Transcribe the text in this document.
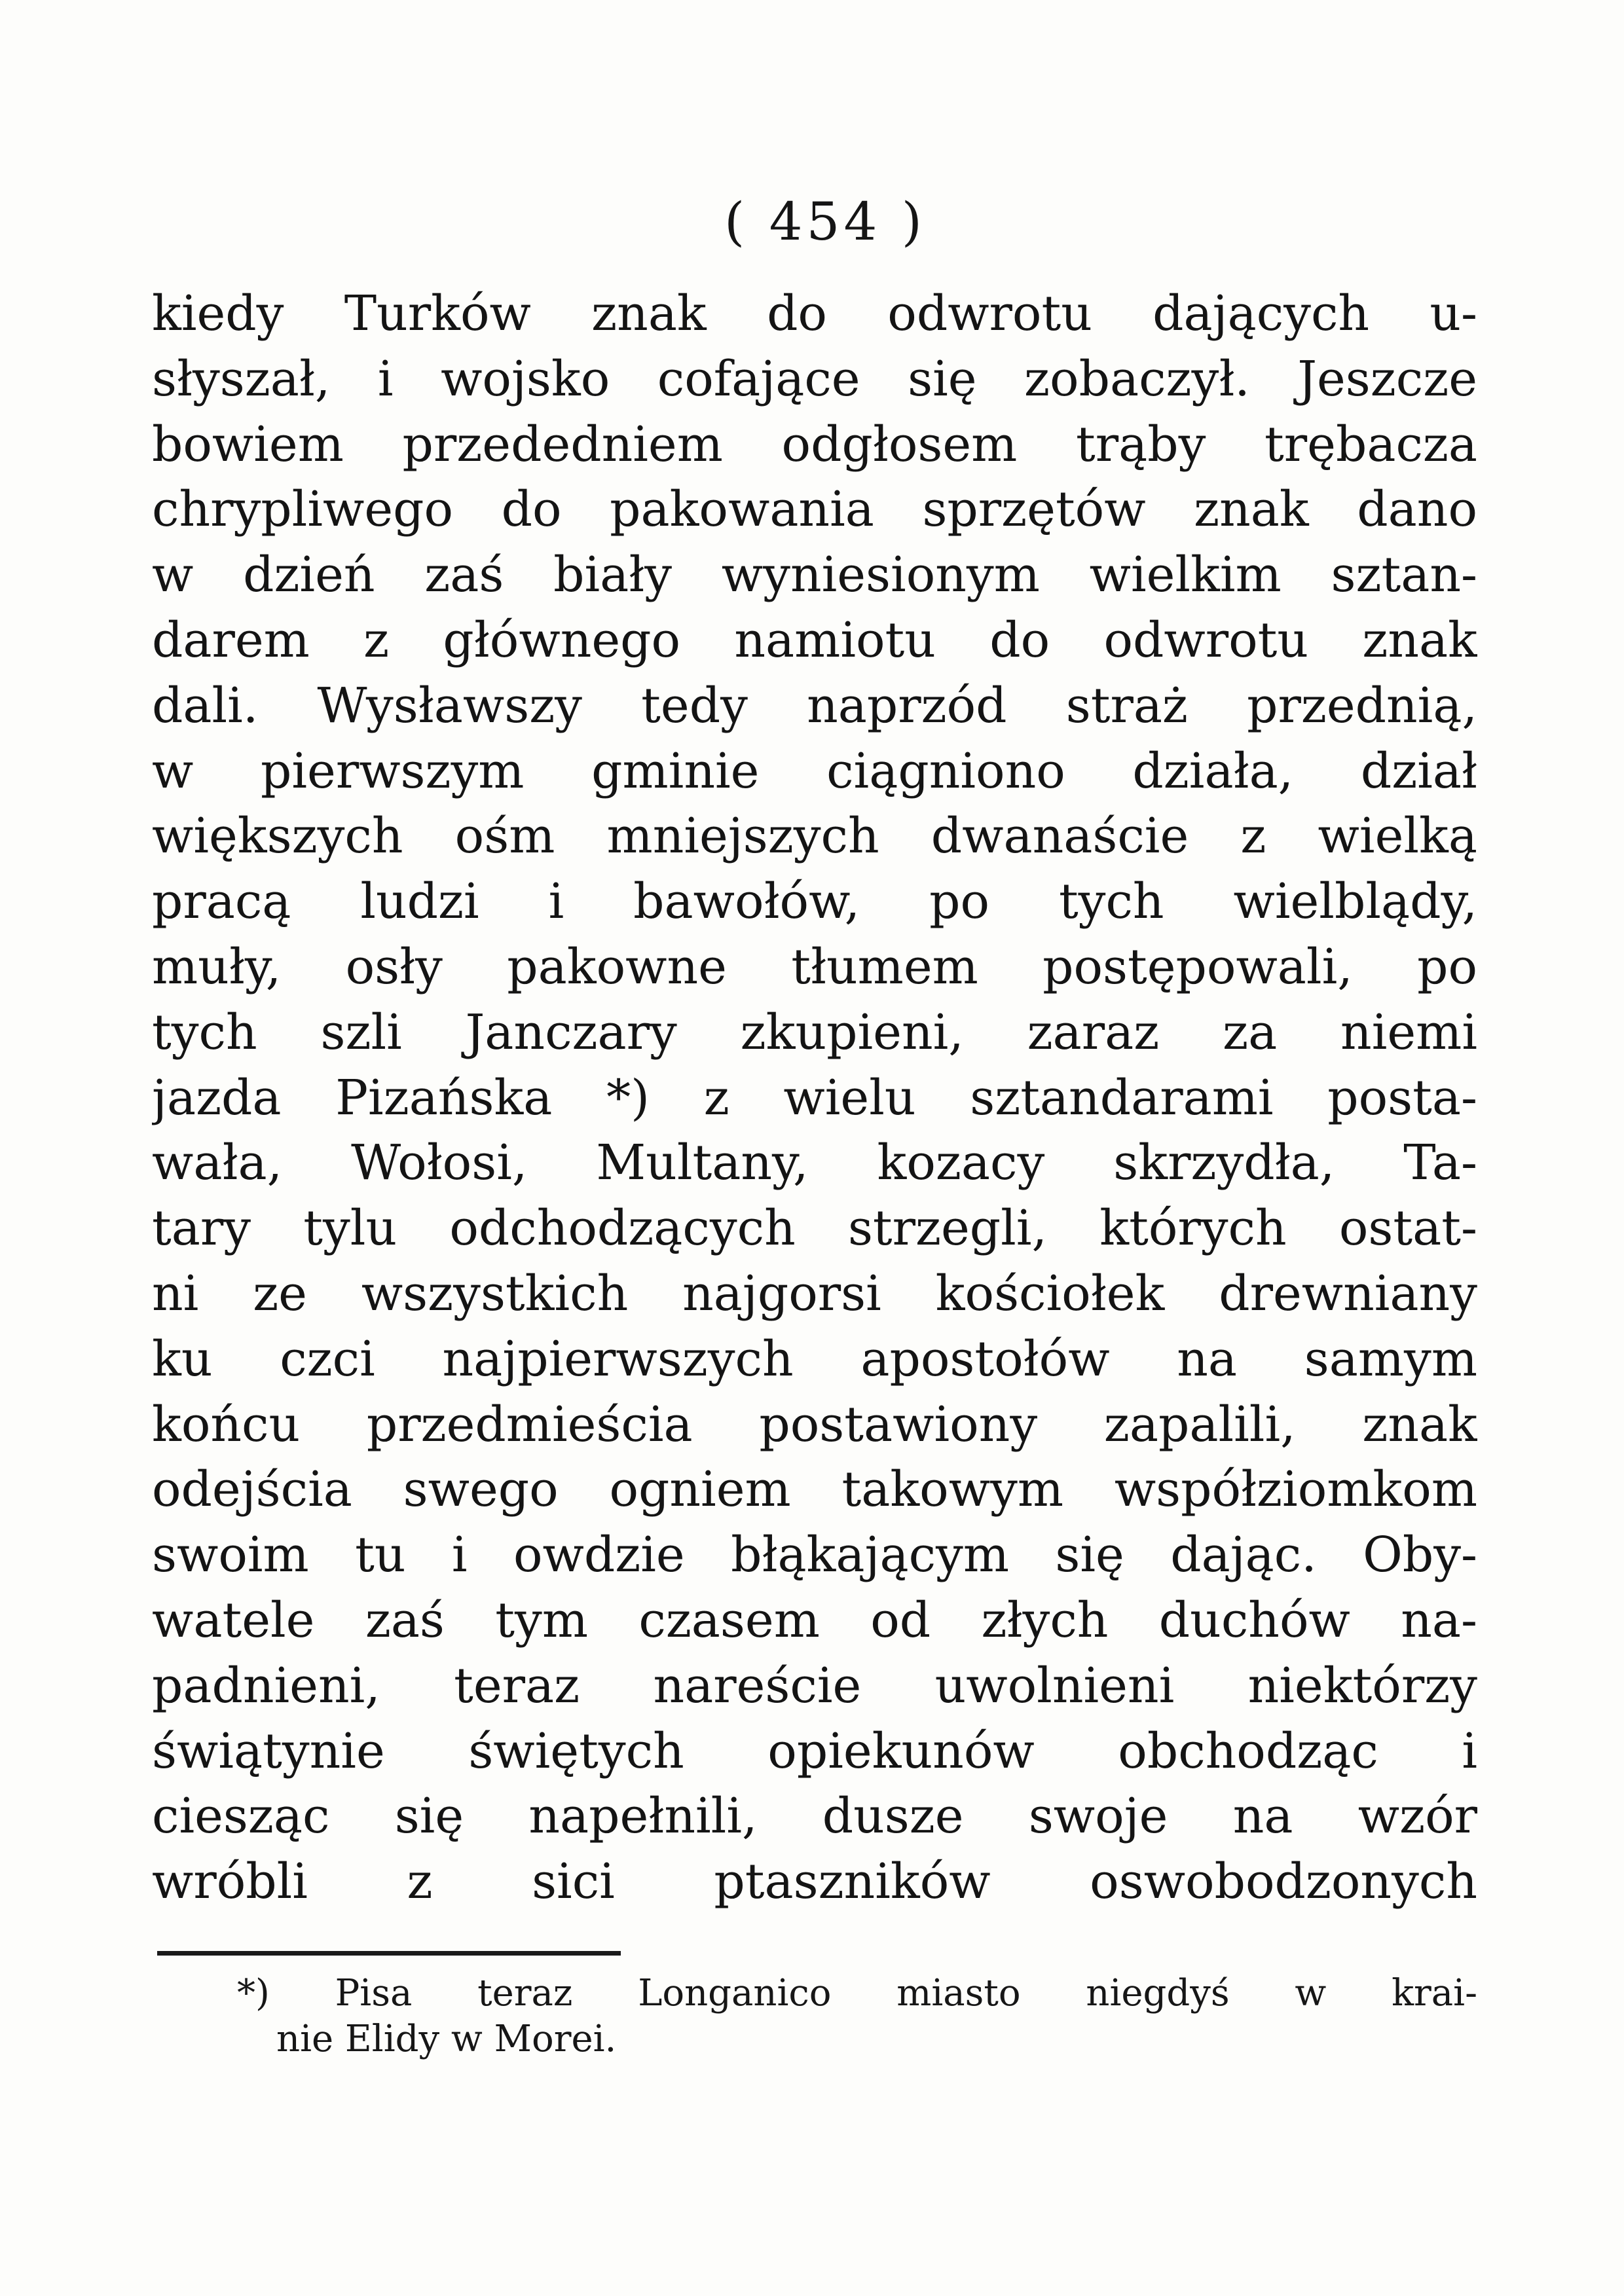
( 454 )
kiedy Turków znak do odwrotu dających u-
słyszał, i wojsko cofające się zobaczył. Jeszcze
bowiem przededniem odgłosem trąby trębacza
chrypliwego do pakowania sprzętów znak dano
w dzień zaś biały wyniesionym wielkim sztan-
darem z głównego namiotu do odwrotu znak
dali. Wysławszy tedy naprzód straż przednią,
w pierwszym gminie ciągniono działa, dział
większych ośm mniejszych dwanaście z wielką
pracą ludzi i bawołów, po tych wielblądy,
muły, osły pakowne tłumem postępowali, po
tych szli Janczary zkupieni, zaraz za niemi
jazda Pizańska *) z wielu sztandarami posta-
wała, Wołosi, Multany, kozacy skrzydła, Ta-
tary tylu odchodzących strzegli, których ostat-
ni ze wszystkich najgorsi kościołek drewniany
ku czci najpierwszych apostołów na samym
końcu przedmieścia postawiony zapalili, znak
odejścia swego ogniem takowym współziomkom
swoim tu i owdzie błąkającym się dając. Oby-
watele zaś tym czasem od złych duchów na-
padnieni, teraz nareście uwolnieni niektórzy
świątynie świętych opiekunów obchodząc i
ciesząc się napełnili, dusze swoje na wzór
wróbli z sici ptaszników oswobodzonych
*) Pisa teraz Longanico miasto niegdyś w krai-
nie Elidy w Morei.
